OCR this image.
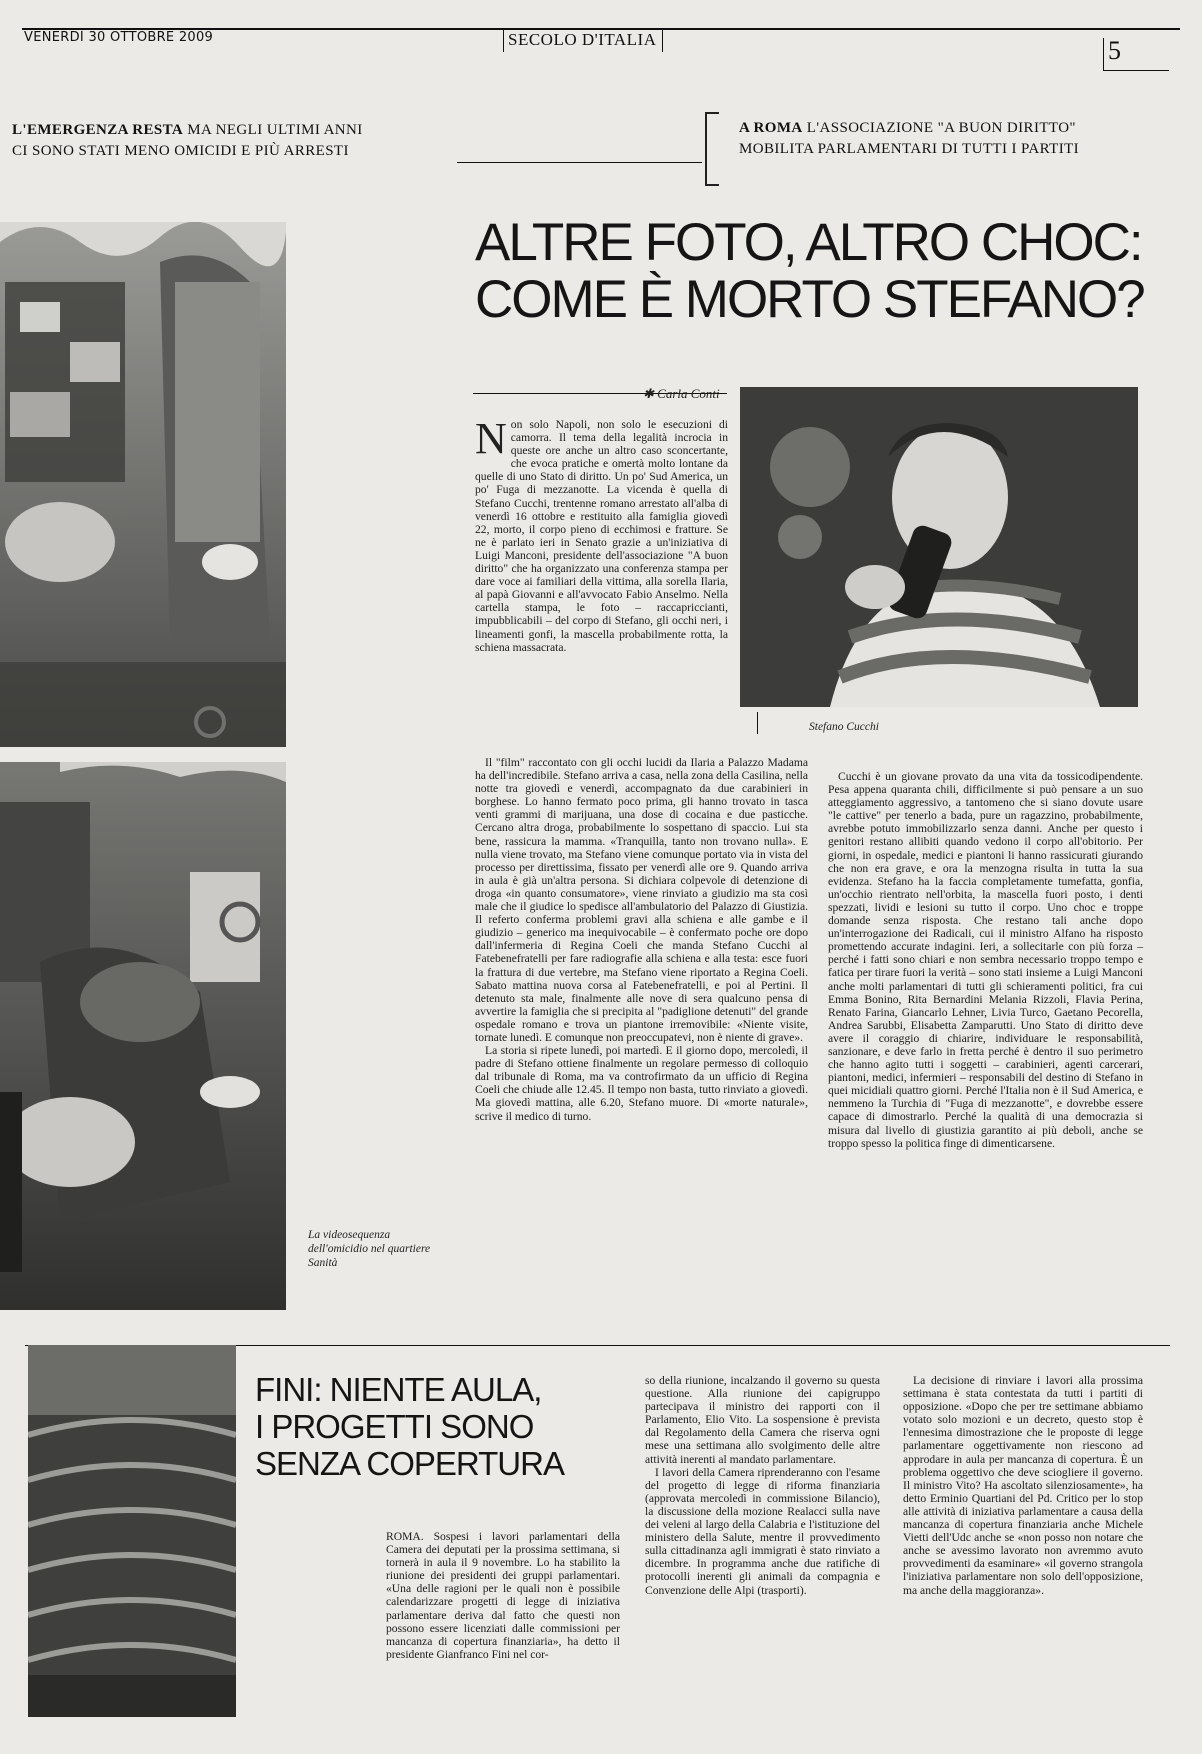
VENERDÌ 30 OTTOBRE 2009	SECOLO D'ITALIA	5
L'EMERGENZA RESTA MA NEGLI ULTIMI ANNI
CI SONO STATI MENO OMICIDI E PIÙ ARRESTI
A ROMA L'ASSOCIAZIONE "A BUON DIRITTO"
MOBILITA PARLAMENTARI DI TUTTI I PARTITI
La videosequenza dell'omicidio nel quartiere Sanità
ALTRE FOTO, ALTRO CHOC:
COME È MORTO STEFANO?
✱ Carla Conti
Stefano Cucchi

Non solo Napoli, non solo le esecuzioni di camorra. Il tema della legalità incrocia in queste ore anche un altro caso sconcertante, che evoca pratiche e omertà molto lontane da quelle di uno Stato di diritto. Un po' Sud America, un po' Fuga di mezzanotte. La vicenda è quella di Stefano Cucchi, trentenne romano arrestato all'alba di venerdì 16 ottobre e restituito alla famiglia giovedì 22, morto, il corpo pieno di ecchimosi e fratture. Se ne è parlato ieri in Senato grazie a un'iniziativa di Luigi Manconi, presidente dell'associazione "A buon diritto" che ha organizzato una conferenza stampa per dare voce ai familiari della vittima, alla sorella Ilaria, al papà Giovanni e all'avvocato Fabio Anselmo. Nella cartella stampa, le foto – raccapriccianti, impubblicabili – del corpo di Stefano, gli occhi neri, i lineamenti gonfi, la mascella probabilmente rotta, la schiena massacrata.

Il "film" raccontato con gli occhi lucidi da Ilaria a Palazzo Madama ha dell'incredibile. Stefano arriva a casa, nella zona della Casilina, nella notte tra giovedì e venerdì, accompagnato da due carabinieri in borghese. Lo hanno fermato poco prima, gli hanno trovato in tasca venti grammi di marijuana, una dose di cocaina e due pasticche. Cercano altra droga, probabilmente lo sospettano di spaccio. Lui sta bene, rassicura la mamma. «Tranquilla, tanto non trovano nulla». E nulla viene trovato, ma Stefano viene comunque portato via in vista del processo per direttissima, fissato per venerdì alle ore 9. Quando arriva in aula è già un'altra persona. Si dichiara colpevole di detenzione di droga «in quanto consumatore», viene rinviato a giudizio ma sta così male che il giudice lo spedisce all'ambulatorio del Palazzo di Giustizia. Il referto conferma problemi gravi alla schiena e alle gambe e il giudizio – generico ma inequivocabile – è confermato poche ore dopo dall'infermeria di Regina Coeli che manda Stefano Cucchi al Fatebenefratelli per fare radiografie alla schiena e alla testa: esce fuori la frattura di due vertebre, ma Stefano viene riportato a Regina Coeli. Sabato mattina nuova corsa al Fatebenefratelli, e poi al Pertini. Il detenuto sta male, finalmente alle nove di sera qualcuno pensa di avvertire la famiglia che si precipita al "padiglione detenuti" del grande ospedale romano e trova un piantone irremovibile: «Niente visite, tornate lunedì. E comunque non preoccupatevi, non è niente di grave».

La storia si ripete lunedì, poi martedì. E il giorno dopo, mercoledì, il padre di Stefano ottiene finalmente un regolare permesso di colloquio dal tribunale di Roma, ma va controfirmato da un ufficio di Regina Coeli che chiude alle 12.45. Il tempo non basta, tutto rinviato a giovedì. Ma giovedì mattina, alle 6.20, Stefano muore. Di «morte naturale», scrive il medico di turno.

Cucchi è un giovane provato da una vita da tossicodipendente. Pesa appena quaranta chili, difficilmente si può pensare a un suo atteggiamento aggressivo, a tantomeno che si siano dovute usare "le cattive" per tenerlo a bada, pure un ragazzino, probabilmente, avrebbe potuto immobilizzarlo senza danni. Anche per questo i genitori restano allibiti quando vedono il corpo all'obitorio. Per giorni, in ospedale, medici e piantoni li hanno rassicurati giurando che non era grave, e ora la menzogna risulta in tutta la sua evidenza. Stefano ha la faccia completamente tumefatta, gonfia, un'occhio rientrato nell'orbita, la mascella fuori posto, i denti spezzati, lividi e lesioni su tutto il corpo. Uno choc e troppe domande senza risposta. Che restano tali anche dopo un'interrogazione dei Radicali, cui il ministro Alfano ha risposto promettendo accurate indagini. Ieri, a sollecitarle con più forza – perché i fatti sono chiari e non sembra necessario troppo tempo e fatica per tirare fuori la verità – sono stati insieme a Luigi Manconi anche molti parlamentari di tutti gli schieramenti politici, fra cui Emma Bonino, Rita Bernardini Melania Rizzoli, Flavia Perina, Renato Farina, Giancarlo Lehner, Livia Turco, Gaetano Pecorella, Andrea Sarubbi, Elisabetta Zamparutti. Uno Stato di diritto deve avere il coraggio di chiarire, individuare le responsabilità, sanzionare, e deve farlo in fretta perché è dentro il suo perimetro che hanno agito tutti i soggetti – carabinieri, agenti carcerari, piantoni, medici, infermieri – responsabili del destino di Stefano in quei micidiali quattro giorni. Perché l'Italia non è il Sud America, e nemmeno la Turchia di "Fuga di mezzanotte", e dovrebbe essere capace di dimostrarlo. Perché la qualità di una democrazia si misura dal livello di giustizia garantito ai più deboli, anche se troppo spesso la politica finge di dimenticarsene.

FINI: NIENTE AULA,
I PROGETTI SONO
SENZA COPERTURA

ROMA. Sospesi i lavori parlamentari della Camera dei deputati per la prossima settimana, si tornerà in aula il 9 novembre. Lo ha stabilito la riunione dei presidenti dei gruppi parlamentari. «Una delle ragioni per le quali non è possibile calendarizzare progetti di legge di iniziativa parlamentare deriva dal fatto che questi non possono essere licenziati dalle commissioni per mancanza di copertura finanziaria», ha detto il presidente Gianfranco Fini nel cor-

so della riunione, incalzando il governo su questa questione. Alla riunione dei capigruppo partecipava il ministro dei rapporti con il Parlamento, Elio Vito. La sospensione è prevista dal Regolamento della Camera che riserva ogni mese una settimana allo svolgimento delle altre attività inerenti al mandato parlamentare.

I lavori della Camera riprenderanno con l'esame del progetto di legge di riforma finanziaria (approvata mercoledì in commissione Bilancio), la discussione della mozione Realacci sulla nave dei veleni al largo della Calabria e l'istituzione del ministero della Salute, mentre il provvedimento sulla cittadinanza agli immigrati è stato rinviato a dicembre. In programma anche due ratifiche di protocolli inerenti gli animali da compagnia e Convenzione delle Alpi (trasporti).

La decisione di rinviare i lavori alla prossima settimana è stata contestata da tutti i partiti di opposizione. «Dopo che per tre settimane abbiamo votato solo mozioni e un decreto, questo stop è l'ennesima dimostrazione che le proposte di legge parlamentare oggettivamente non riescono ad approdare in aula per mancanza di copertura. È un problema oggettivo che deve sciogliere il governo. Il ministro Vito? Ha ascoltato silenziosamente», ha detto Erminio Quartiani del Pd. Critico per lo stop alle attività di iniziativa parlamentare a causa della mancanza di copertura finanziaria anche Michele Vietti dell'Udc anche se «non posso non notare che anche se avessimo lavorato non avremmo avuto provvedimenti da esaminare» «il governo strangola l'iniziativa parlamentare non solo dell'opposizione, ma anche della maggioranza».
